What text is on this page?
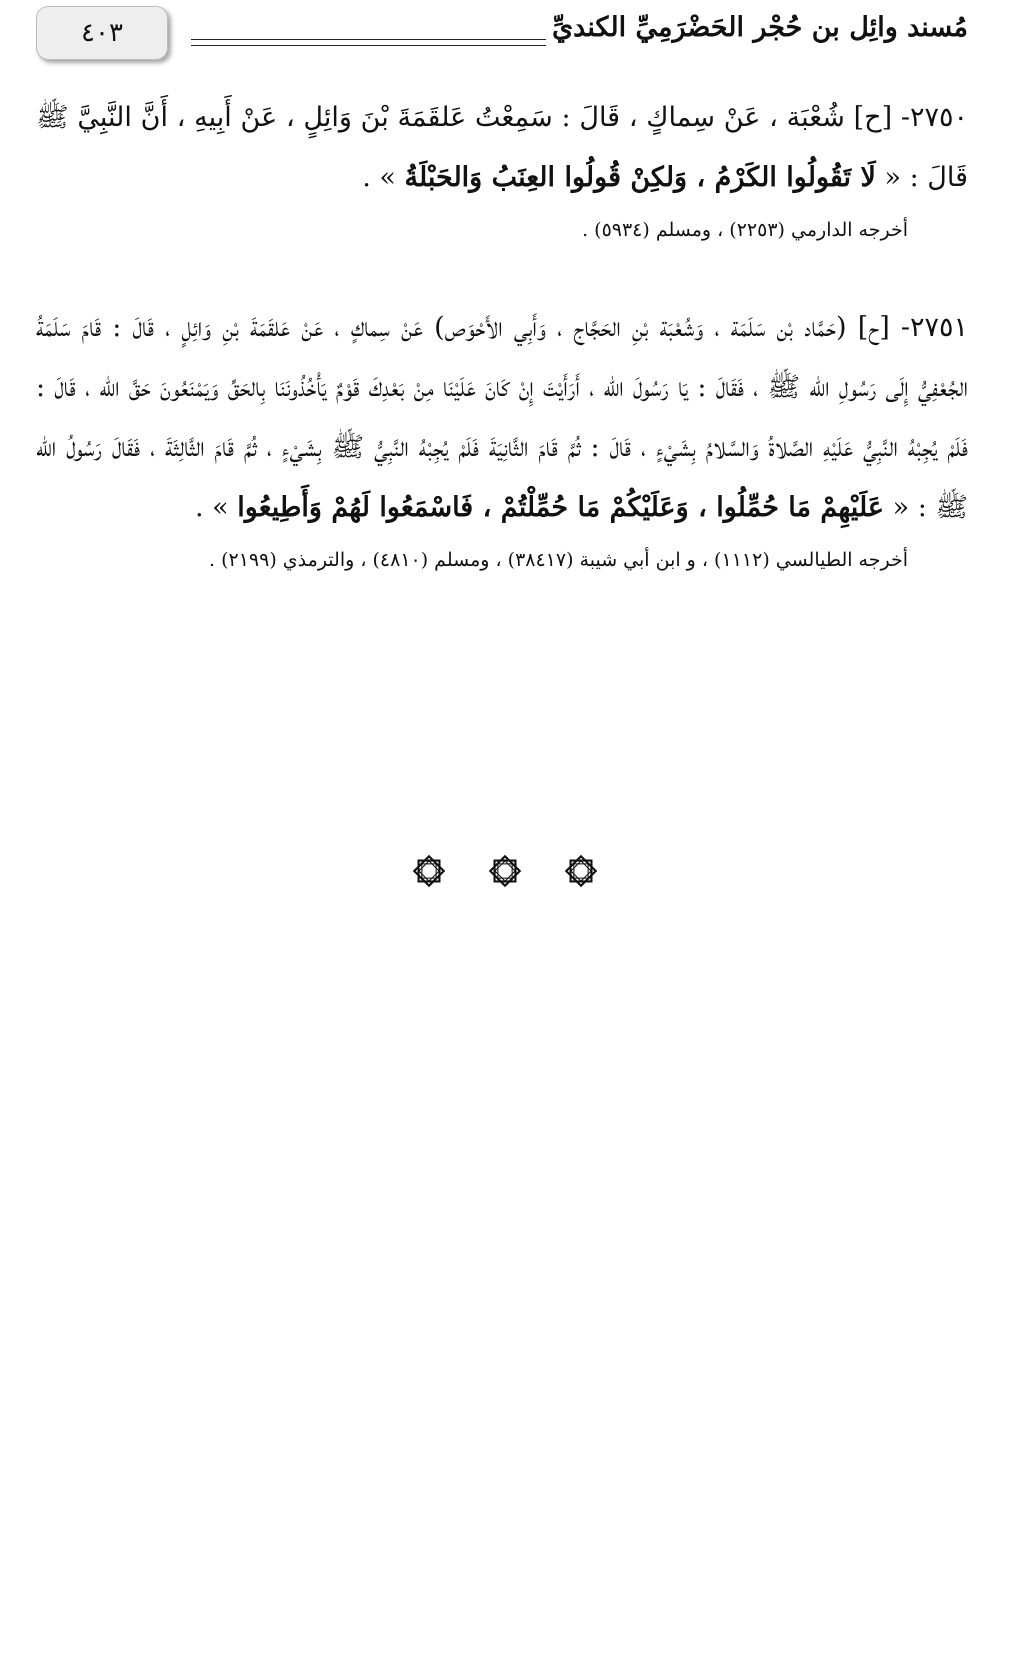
٤٠٣	مُسند وائِل بن حُجْر الحَضْرَمِيِّ الكنديِّ

٢٧٥٠- [ح] شُعْبَة ، عَنْ سِماكٍ ، قَالَ : سَمِعْتُ عَلقَمَةَ بْنَ وَائِلٍ ، عَنْ أَبِيهِ ، أَنَّ النَّبِيَّ ﷺ قَالَ : « لَا تَقُولُوا الكَرْمُ ، وَلكِنْ قُولُوا العِنَبُ وَالحَبْلَةُ » .

أخرجه الدارمي (٢٢٥٣) ، ومسلم (٥٩٣٤) .

٢٧٥١- [ح] (حَمَّاد بْن سَلَمَة ، وَشُعْبَة بْنِ الحَجَّاج ، وَأَبِي الأَحْوَص) عَنْ سِماكٍ ، عَنْ عَلقَمَةَ بْنِ وَائِلٍ ، قَالَ : قَامَ سَلَمَةُ الجُعْفِيُّ إِلَى رَسُولِ الله ﷺ ، فَقَالَ : يَا رَسُولَ الله ، أَرَأَيْتَ إِنْ كَانَ عَلَيْنَا مِنْ بَعْدِكَ قَوْمٌ يَأْخُذُونَنَا بِالحَقِّ وَيَمْنَعُونَ حَقَّ الله ، قَالَ : فَلَمْ يُجِبْهُ النَّبِيُّ عَلَيْهِ الصَّلاةُ وَالسَّلامُ بِشَيْءٍ ، قَالَ : ثُمَّ قَامَ الثَّانِيَةَ فَلَمْ يُجِبْهُ النَّبِيُّ ﷺ بِشَيْءٍ ، ثُمَّ قَامَ الثَّالِثَةَ ، فَقَالَ رَسُولُ الله ﷺ : « عَلَيْهِمْ مَا حُمِّلُوا ، وَعَلَيْكُمْ مَا حُمِّلْتُمْ ، فَاسْمَعُوا لَهُمْ وَأَطِيعُوا » .

أخرجه الطيالسي (١١١٢) ، و ابن أبي شيبة (٣٨٤١٧) ، ومسلم (٤٨١٠) ، والترمذي (٢١٩٩) .
